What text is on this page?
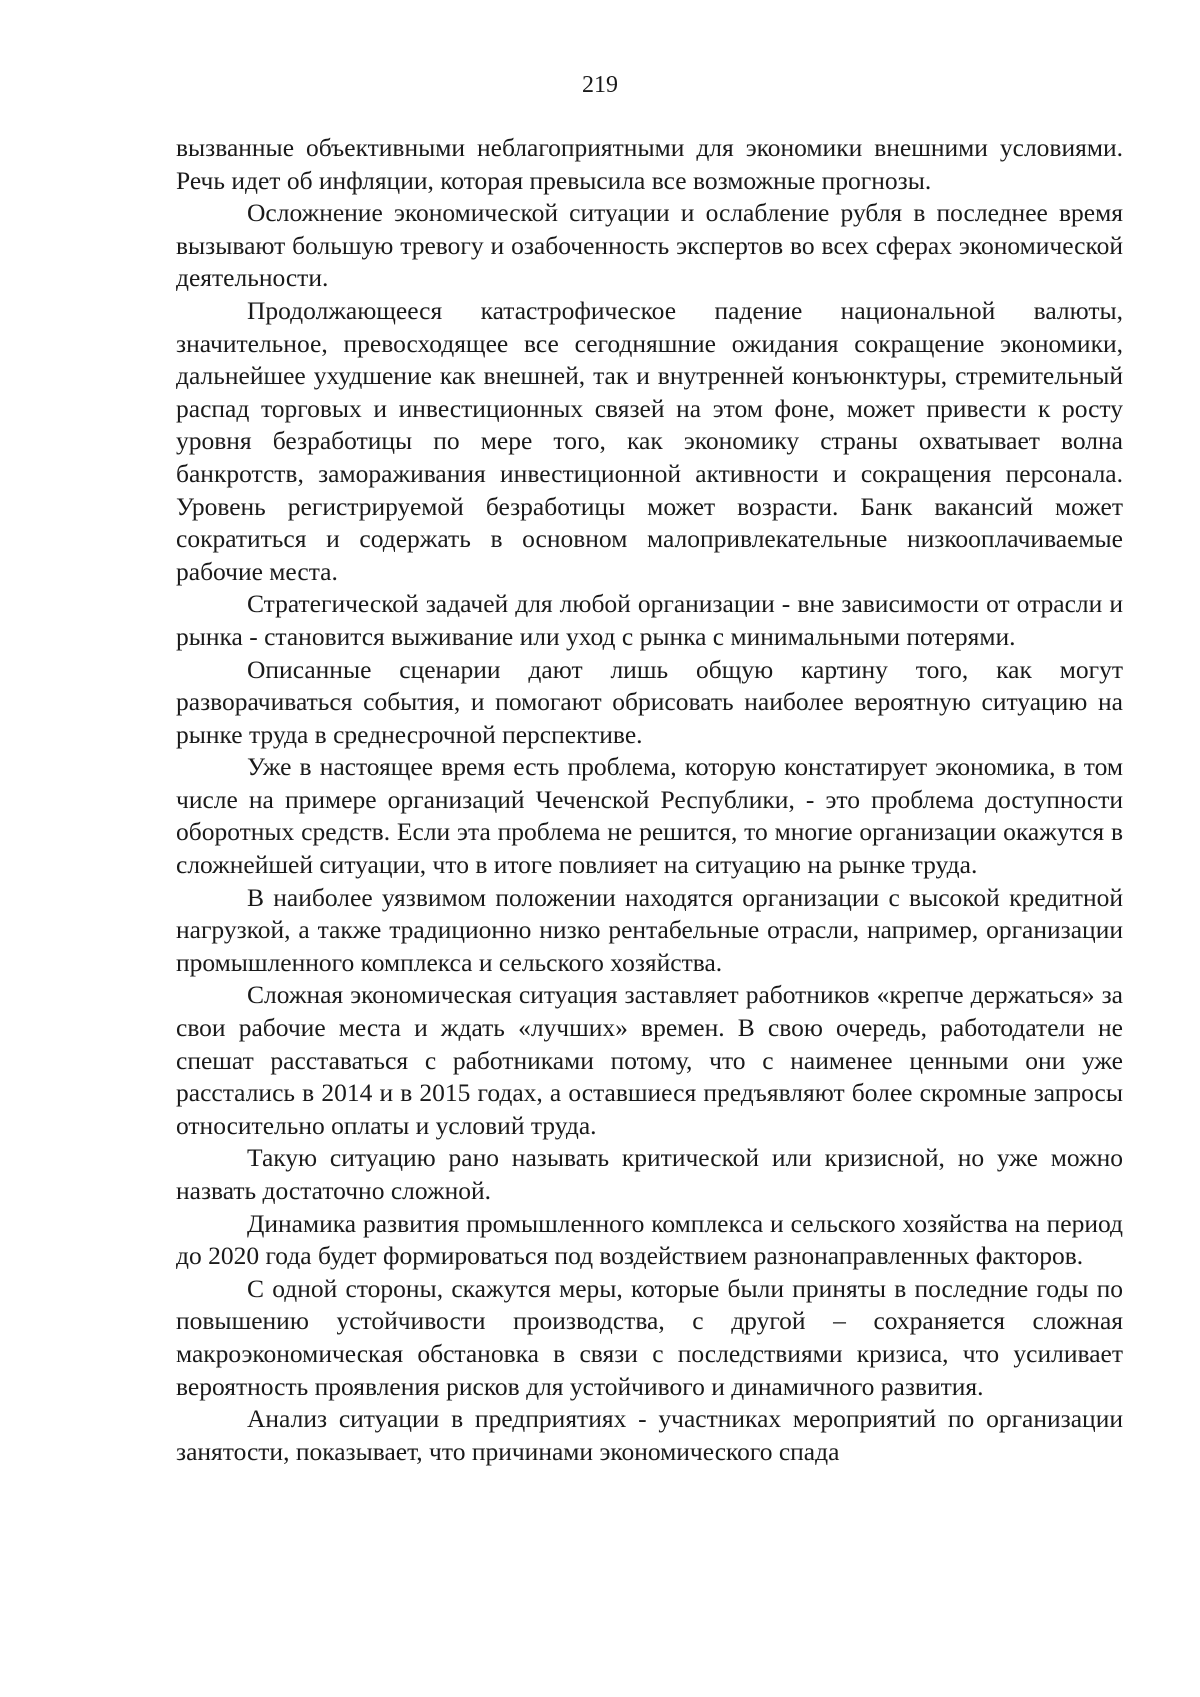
219

вызванные объективными неблагоприятными для экономики внешними условиями. Речь идет об инфляции, которая превысила все возможные прогнозы.

Осложнение экономической ситуации и ослабление рубля в последнее время вызывают большую тревогу и озабоченность экспертов во всех сферах экономической деятельности.

Продолжающееся катастрофическое падение национальной валюты, значительное, превосходящее все сегодняшние ожидания сокращение экономики, дальнейшее ухудшение как внешней, так и внутренней конъюнктуры, стремительный распад торговых и инвестиционных связей на этом фоне, может привести к росту уровня безработицы по мере того, как экономику страны охватывает волна банкротств, замораживания инвестиционной активности и сокращения персонала. Уровень регистрируемой безработицы может возрасти. Банк вакансий может сократиться и содержать в основном малопривлекательные низкооплачиваемые рабочие места.

Стратегической задачей для любой организации - вне зависимости от отрасли и рынка - становится выживание или уход с рынка с минимальными потерями.

Описанные сценарии дают лишь общую картину того, как могут разворачиваться события, и помогают обрисовать наиболее вероятную ситуацию на рынке труда в среднесрочной перспективе.

Уже в настоящее время есть проблема, которую констатирует экономика, в том числе на примере организаций Чеченской Республики, - это проблема доступности оборотных средств. Если эта проблема не решится, то многие организации окажутся в сложнейшей ситуации, что в итоге повлияет на ситуацию на рынке труда.

В наиболее уязвимом положении находятся организации с высокой кредитной нагрузкой, а также традиционно низко рентабельные отрасли, например, организации промышленного комплекса и сельского хозяйства.

Сложная экономическая ситуация заставляет работников «крепче держаться» за свои рабочие места и ждать «лучших» времен. В свою очередь, работодатели не спешат расставаться с работниками потому, что с наименее ценными они уже расстались в 2014 и в 2015 годах, а оставшиеся предъявляют более скромные запросы относительно оплаты и условий труда.

Такую ситуацию рано называть критической или кризисной, но уже можно назвать достаточно сложной.

Динамика развития промышленного комплекса и сельского хозяйства на период до 2020 года будет формироваться под воздействием разнонаправленных факторов.

С одной стороны, скажутся меры, которые были приняты в последние годы по повышению устойчивости производства, с другой – сохраняется сложная макроэкономическая обстановка в связи с последствиями кризиса, что усиливает вероятность проявления рисков для устойчивого и динамичного развития.

Анализ ситуации в предприятиях - участниках мероприятий по организации занятости, показывает, что причинами экономического спада
